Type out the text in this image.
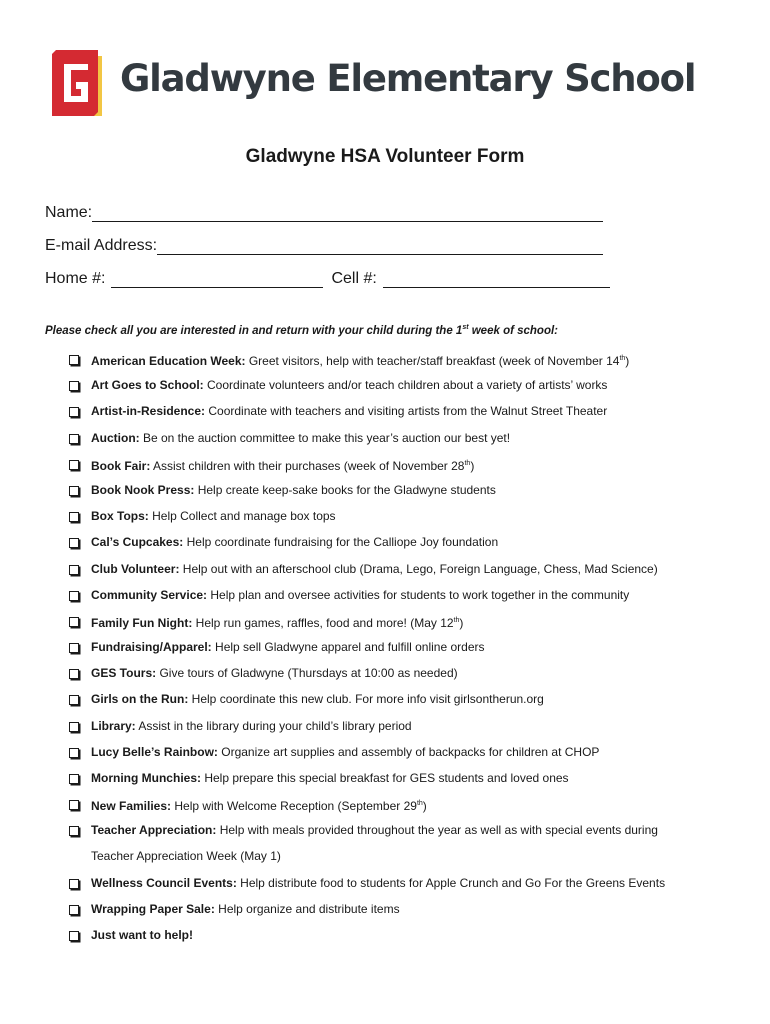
Gladwyne Elementary School
Gladwyne HSA Volunteer Form
Name:
E-mail Address:
Home #:	Cell #:
Please check all you are interested in and return with your child during the 1st week of school:
American Education Week: Greet visitors, help with teacher/staff breakfast (week of November 14th)
Art Goes to School: Coordinate volunteers and/or teach children about a variety of artists’ works
Artist-in-Residence: Coordinate with teachers and visiting artists from the Walnut Street Theater
Auction: Be on the auction committee to make this year’s auction our best yet!
Book Fair: Assist children with their purchases (week of November 28th)
Book Nook Press: Help create keep-sake books for the Gladwyne students
Box Tops: Help Collect and manage box tops
Cal’s Cupcakes: Help coordinate fundraising for the Calliope Joy foundation
Club Volunteer: Help out with an afterschool club (Drama, Lego, Foreign Language, Chess, Mad Science)
Community Service: Help plan and oversee activities for students to work together in the community
Family Fun Night: Help run games, raffles, food and more! (May 12th)
Fundraising/Apparel: Help sell Gladwyne apparel and fulfill online orders
GES Tours: Give tours of Gladwyne (Thursdays at 10:00 as needed)
Girls on the Run: Help coordinate this new club. For more info visit girlsontherun.org
Library: Assist in the library during your child’s library period
Lucy Belle’s Rainbow: Organize art supplies and assembly of backpacks for children at CHOP
Morning Munchies: Help prepare this special breakfast for GES students and loved ones
New Families: Help with Welcome Reception (September 29th)
Teacher Appreciation: Help with meals provided throughout the year as well as with special events during
Teacher Appreciation Week (May 1)
Wellness Council Events: Help distribute food to students for Apple Crunch and Go For the Greens Events
Wrapping Paper Sale: Help organize and distribute items
Just want to help!
